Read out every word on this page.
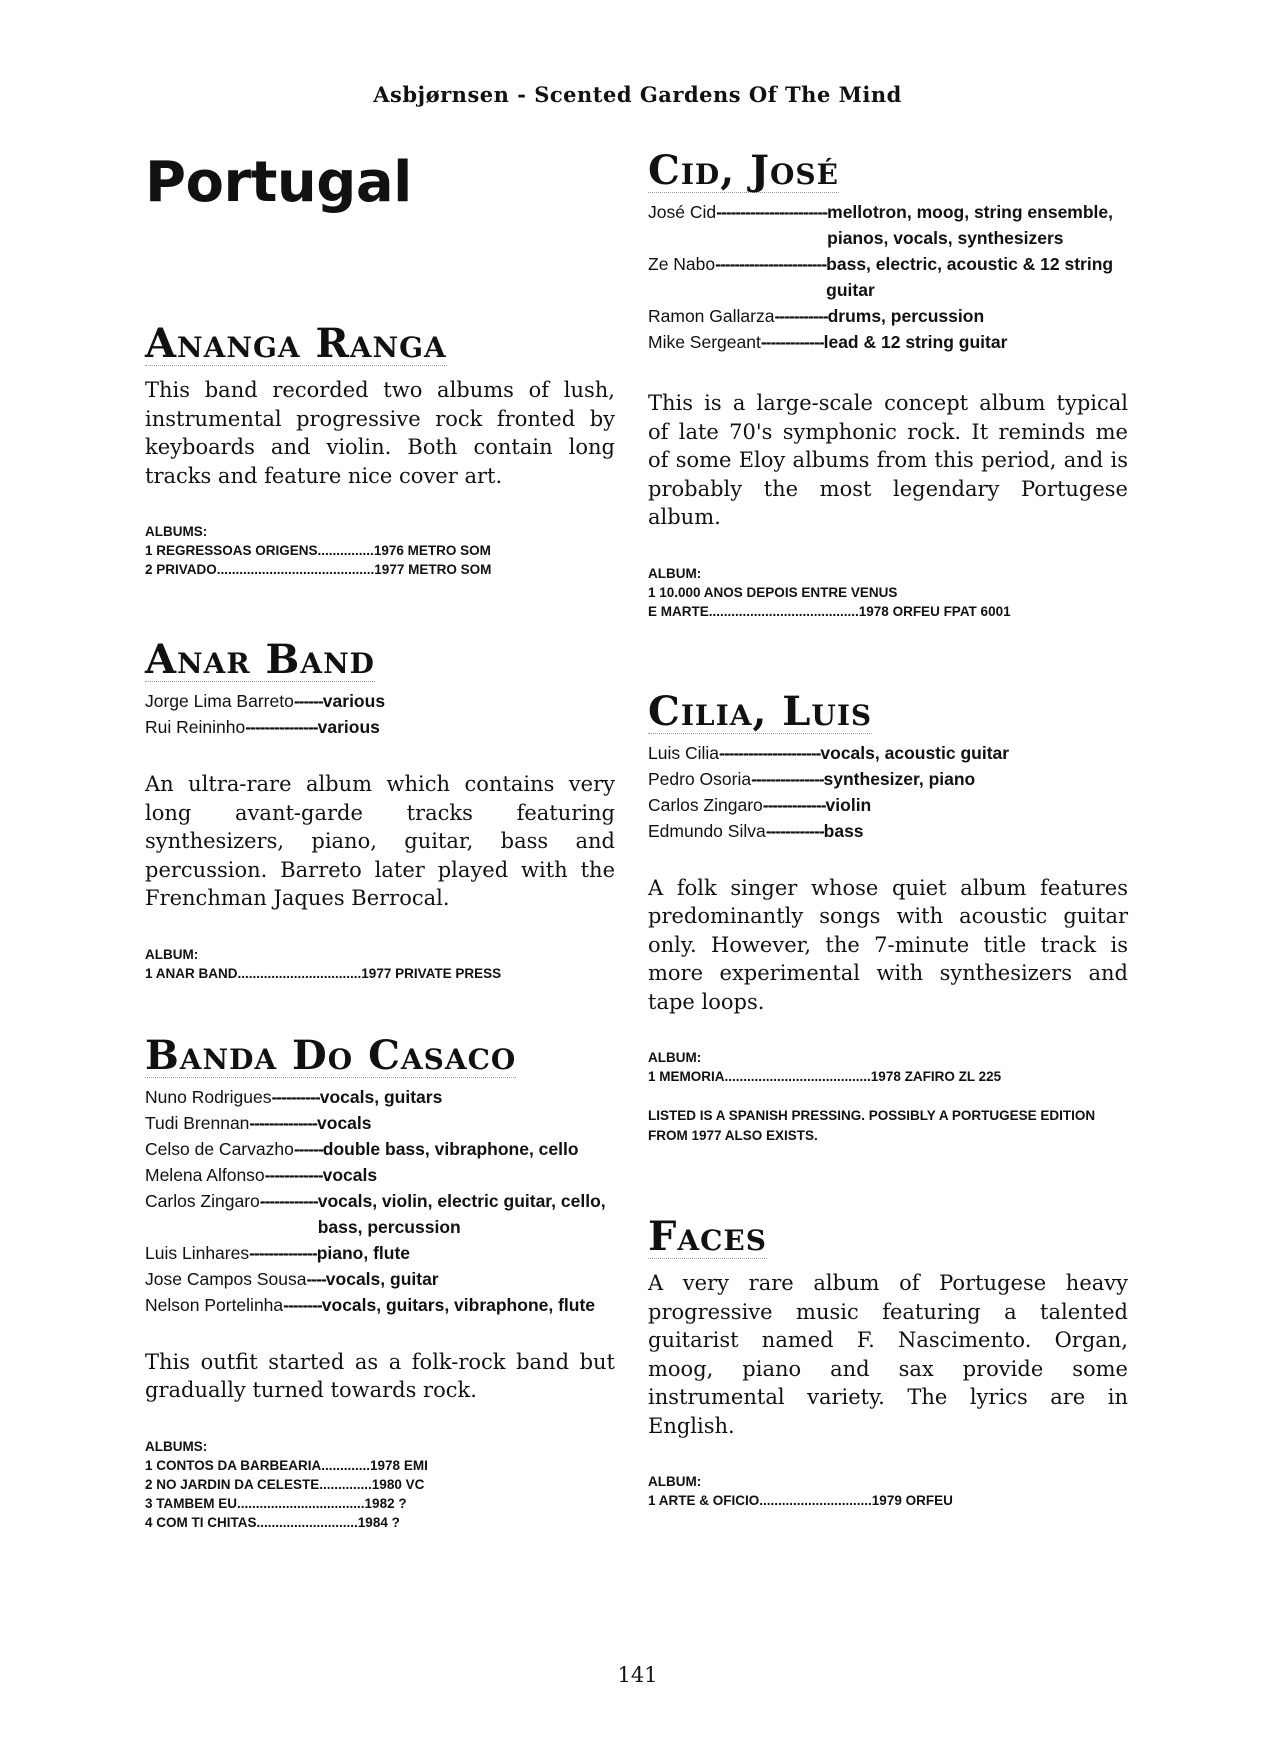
Asbjørnsen - Scented Gardens Of The Mind
Portugal
Ananga Ranga

This band recorded two albums of lush, instrumental progressive rock fronted by keyboards and violin. Both contain long tracks and feature nice cover art.

ALBUMS:
1 REGRESSOAS ORIGENS ............... 1976 METRO SOM
2 PRIVADO .......................................... 1977 METRO SOM
Anar Band
Jorge Lima Barreto ------ various
Rui Reininho --------------- various

An ultra-rare album which contains very long avant-garde tracks featuring synthesizers, piano, guitar, bass and percussion. Barreto later played with the Frenchman Jaques Berrocal.

ALBUM:
1 ANAR BAND ................................. 1977 PRIVATE PRESS
Banda Do Casaco
Nuno Rodrigues ---------- vocals, guitars
Tudi Brennan -------------- vocals
Celso de Carvazho ------ double bass, vibraphone, cello
Melena Alfonso ------------ vocals
Carlos Zingaro ------------ vocals, violin, electric guitar, cello, bass, percussion
Luis Linhares -------------- piano, flute
Jose Campos Sousa ---- vocals, guitar
Nelson Portelinha -------- vocals, guitars, vibraphone, flute

This outfit started as a folk-rock band but gradually turned towards rock.

ALBUMS:
1 CONTOS DA BARBEARIA ............. 1978 EMI
2 NO JARDIN DA CELESTE .............. 1980 VC
3 TAMBEM EU .................................. 1982 ?
4 COM TI CHITAS ........................... 1984 ?
Cid, José
José Cid ----------------------- mellotron, moog, string ensemble, pianos, vocals, synthesizers
Ze Nabo ----------------------- bass, electric, acoustic & 12 string guitar
Ramon Gallarza ----------- drums, percussion
Mike Sergeant ------------- lead & 12 string guitar

This is a large-scale concept album typical of late 70's symphonic rock. It reminds me of some Eloy albums from this period, and is probably the most legendary Portugese album.

ALBUM:
1 10.000 ANOS DEPOIS ENTRE VENUS
E MARTE ........................................ 1978 ORFEU FPAT 6001
Cilia, Luis
Luis Cilia --------------------- vocals, acoustic guitar
Pedro Osoria --------------- synthesizer, piano
Carlos Zingaro ------------- violin
Edmundo Silva ------------ bass

A folk singer whose quiet album features predominantly songs with acoustic guitar only. However, the 7-minute title track is more experimental with synthesizers and tape loops.

ALBUM:
1 MEMORIA ....................................... 1978 ZAFIRO ZL 225
LISTED IS A SPANISH PRESSING. POSSIBLY A PORTUGESE EDITION FROM 1977 ALSO EXISTS.
Faces

A very rare album of Portugese heavy progressive music featuring a talented guitarist named F. Nascimento. Organ, moog, piano and sax provide some instrumental variety. The lyrics are in English.

ALBUM:
1 ARTE & OFICIO .............................. 1979 ORFEU
141
